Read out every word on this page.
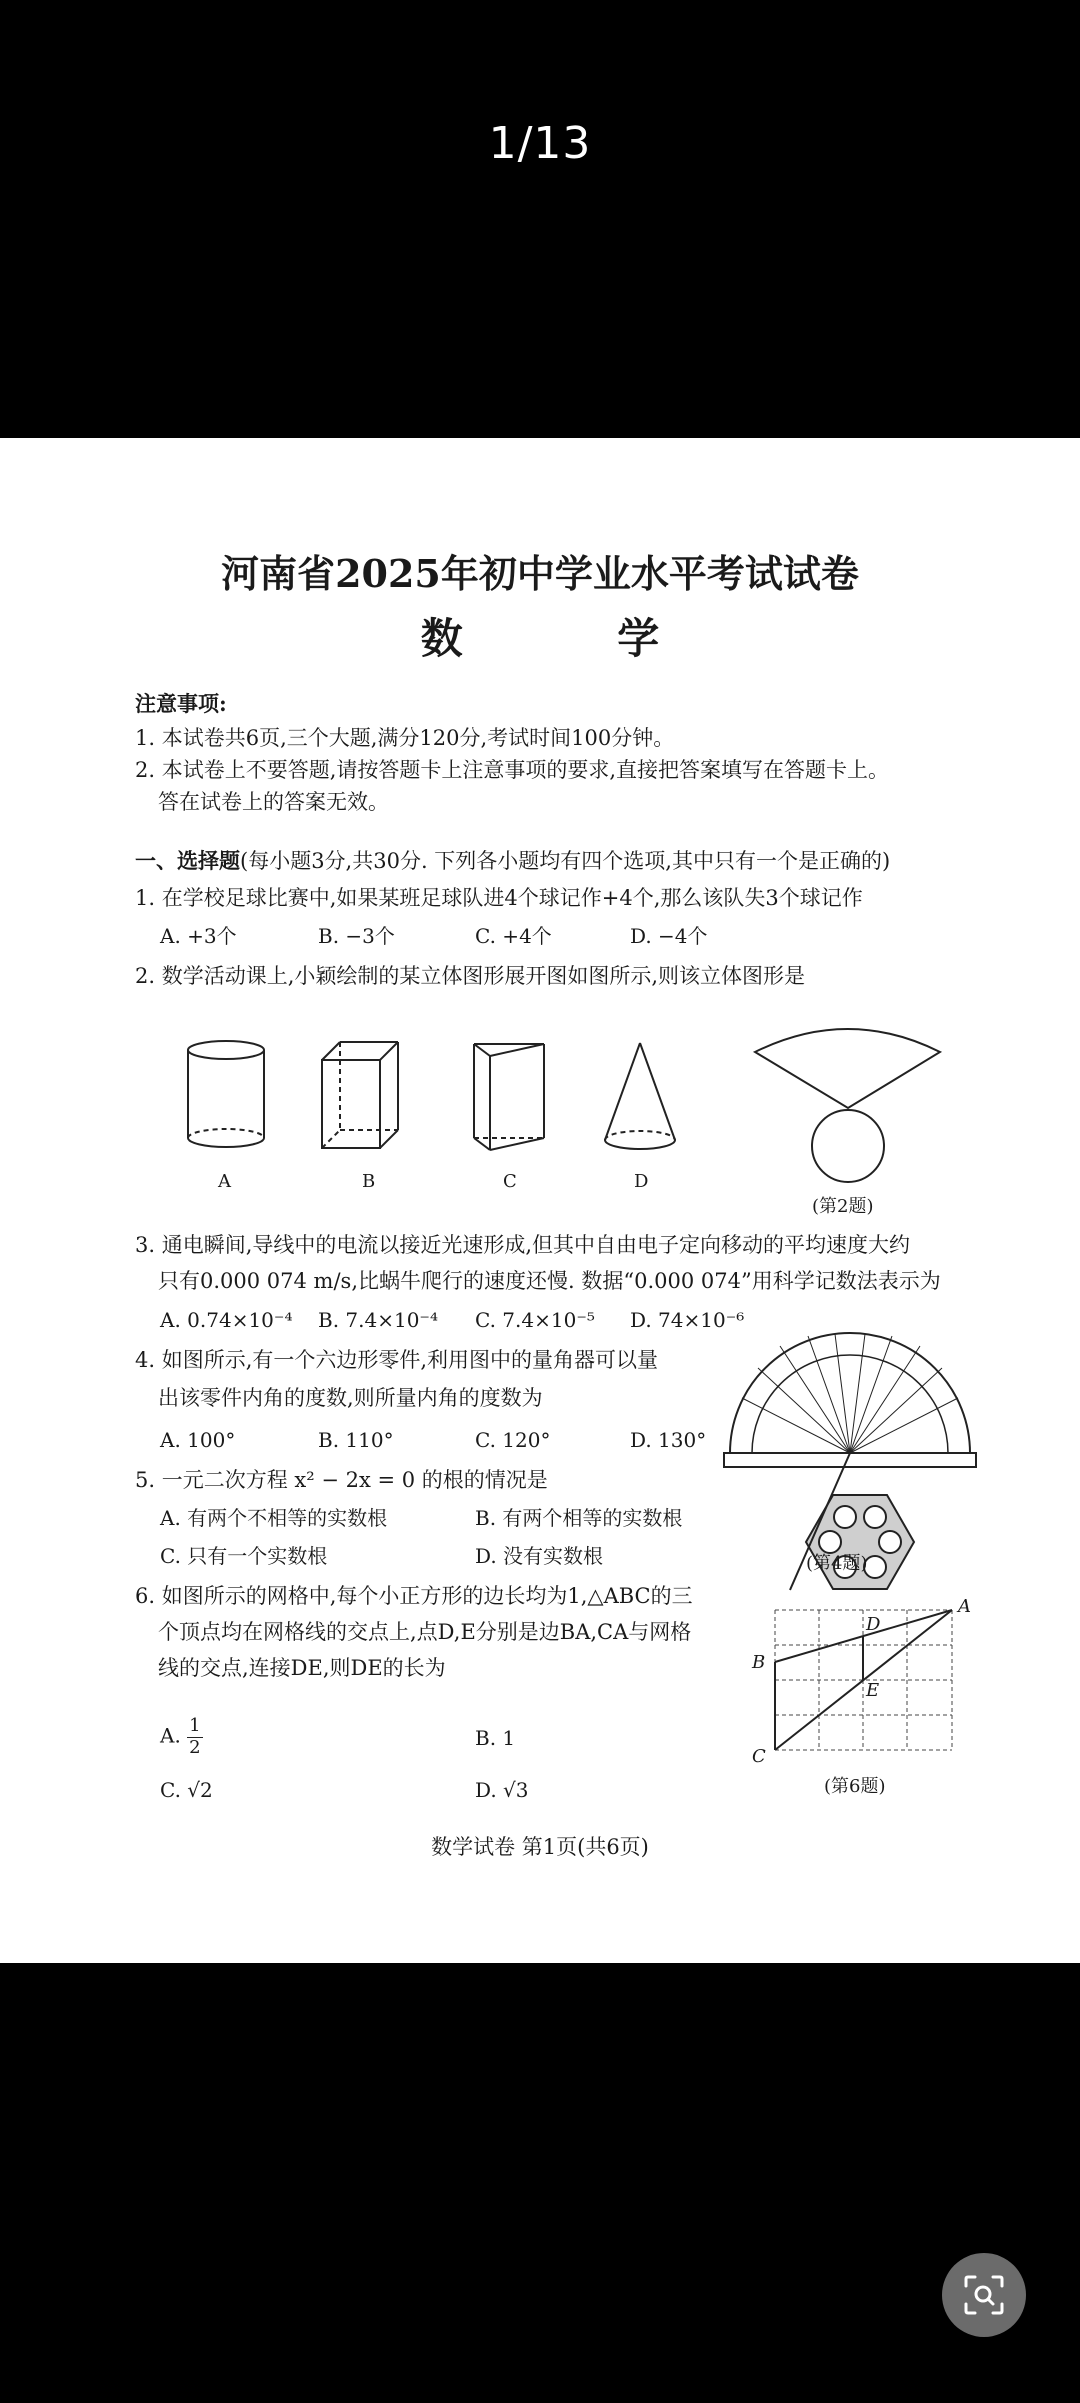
1/13
河南省2025年初中学业水平考试试卷
数 学
注意事项:
1. 本试卷共6页,三个大题,满分120分,考试时间100分钟。
2. 本试卷上不要答题,请按答题卡上注意事项的要求,直接把答案填写在答题卡上。
答在试卷上的答案无效。
一、选择题(每小题3分,共30分. 下列各小题均有四个选项,其中只有一个是正确的)
1. 在学校足球比赛中,如果某班足球队进4个球记作+4个,那么该队失3个球记作
A. +3个	B. −3个	C. +4个	D. −4个
2. 数学活动课上,小颖绘制的某立体图形展开图如图所示,则该立体图形是
A	B	C	D
(第2题)
3. 通电瞬间,导线中的电流以接近光速形成,但其中自由电子定向移动的平均速度大约
只有0.000 074 m/s,比蜗牛爬行的速度还慢. 数据“0.000 074”用科学记数法表示为
A. 0.74×10⁻⁴ B. 7.4×10⁻⁴ C. 7.4×10⁻⁵ D. 74×10⁻⁶
4. 如图所示,有一个六边形零件,利用图中的量角器可以量
出该零件内角的度数,则所量内角的度数为
A. 100°	B. 110°	C. 120°	D. 130°
(第4题)
5. 一元二次方程 x² − 2x = 0 的根的情况是
A. 有两个不相等的实数根	B. 有两个相等的实数根
C. 只有一个实数根	D. 没有实数根
6. 如图所示的网格中,每个小正方形的边长均为1,△ABC的三
个顶点均在网格线的交点上,点D,E分别是边BA,CA与网格
线的交点,连接DE,则DE的长为
A. $\frac{1}{2}$	B. 1
C. √2	D. √3
A
B
C
D
E
(第6题)
数学试卷 第1页(共6页)
